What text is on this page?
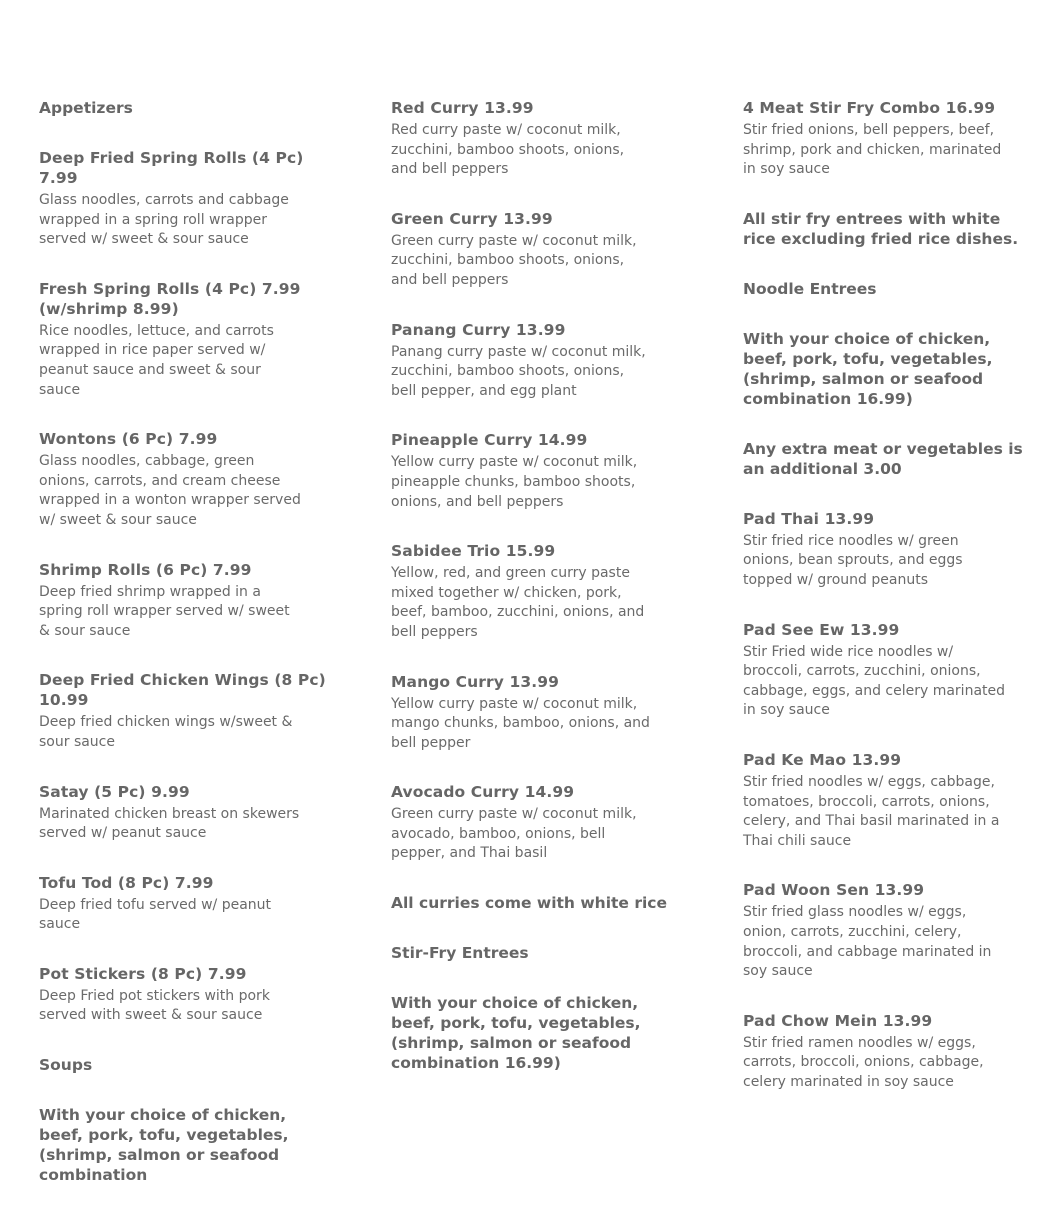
Appetizers
Deep Fried Spring Rolls (4 Pc) 7.99
Glass noodles, carrots and cabbage wrapped in a spring roll wrapper served w/ sweet & sour sauce
Fresh Spring Rolls (4 Pc) 7.99 (w/shrimp 8.99)
Rice noodles, lettuce, and carrots wrapped in rice paper served w/ peanut sauce and sweet & sour sauce
Wontons (6 Pc) 7.99
Glass noodles, cabbage, green onions, carrots, and cream cheese wrapped in a wonton wrapper served w/ sweet & sour sauce
Shrimp Rolls (6 Pc) 7.99
Deep fried shrimp wrapped in a spring roll wrapper served w/ sweet & sour sauce
Deep Fried Chicken Wings (8 Pc) 10.99
Deep fried chicken wings w/sweet & sour sauce
Satay (5 Pc) 9.99
Marinated chicken breast on skewers served w/ peanut sauce
Tofu Tod (8 Pc) 7.99
Deep fried tofu served w/ peanut sauce
Pot Stickers (8 Pc) 7.99
Deep Fried pot stickers with pork served with sweet & sour sauce
Soups
With your choice of chicken, beef, pork, tofu, vegetables, (shrimp, salmon or seafood combination
Red Curry 13.99
Red curry paste w/ coconut milk, zucchini, bamboo shoots, onions, and bell peppers
Green Curry 13.99
Green curry paste w/ coconut milk, zucchini, bamboo shoots, onions, and bell peppers
Panang Curry 13.99
Panang curry paste w/ coconut milk, zucchini, bamboo shoots, onions, bell pepper, and egg plant
Pineapple Curry 14.99
Yellow curry paste w/ coconut milk, pineapple chunks, bamboo shoots, onions, and bell peppers
Sabidee Trio 15.99
Yellow, red, and green curry paste mixed together w/ chicken, pork, beef, bamboo, zucchini, onions, and bell peppers
Mango Curry 13.99
Yellow curry paste w/ coconut milk, mango chunks, bamboo, onions, and bell pepper
Avocado Curry 14.99
Green curry paste w/ coconut milk, avocado, bamboo, onions, bell pepper, and Thai basil
All curries come with white rice
Stir-Fry Entrees
With your choice of chicken, beef, pork, tofu, vegetables, (shrimp, salmon or seafood combination 16.99)
4 Meat Stir Fry Combo 16.99
Stir fried onions, bell peppers, beef, shrimp, pork and chicken, marinated in soy sauce
All stir fry entrees with white rice excluding fried rice dishes.
Noodle Entrees
With your choice of chicken, beef, pork, tofu, vegetables, (shrimp, salmon or seafood combination 16.99)
Any extra meat or vegetables is an additional 3.00
Pad Thai 13.99
Stir fried rice noodles w/ green onions, bean sprouts, and eggs topped w/ ground peanuts
Pad See Ew 13.99
Stir Fried wide rice noodles w/ broccoli, carrots, zucchini, onions, cabbage, eggs, and celery marinated in soy sauce
Pad Ke Mao 13.99
Stir fried noodles w/ eggs, cabbage, tomatoes, broccoli, carrots, onions, celery, and Thai basil marinated in a Thai chili sauce
Pad Woon Sen 13.99
Stir fried glass noodles w/ eggs, onion, carrots, zucchini, celery, broccoli, and cabbage marinated in soy sauce
Pad Chow Mein 13.99
Stir fried ramen noodles w/ eggs, carrots, broccoli, onions, cabbage, celery marinated in soy sauce
